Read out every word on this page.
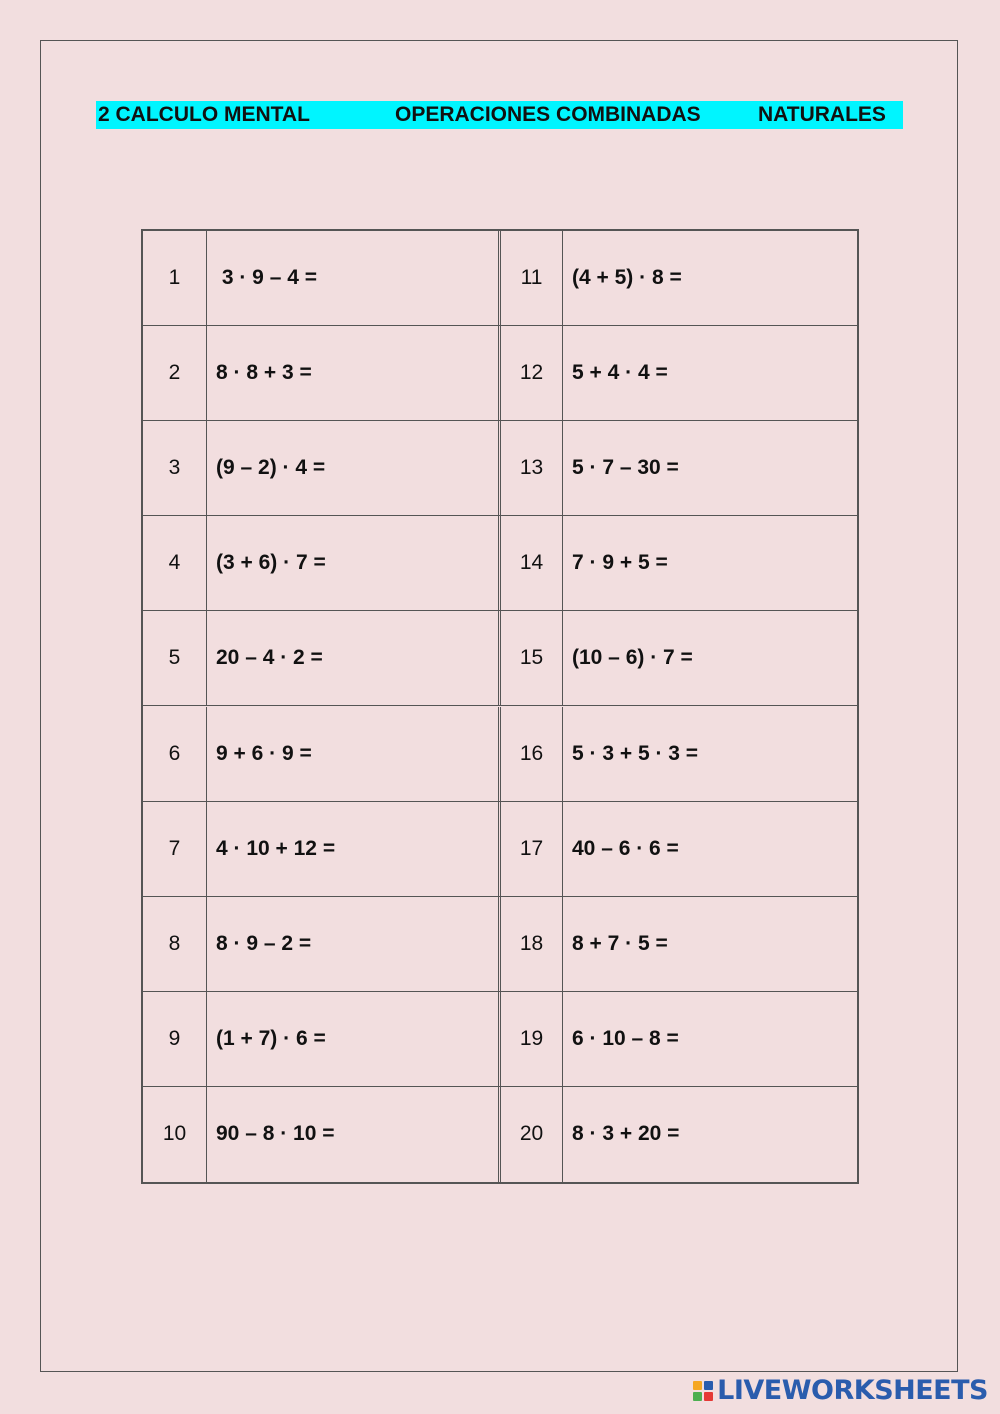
2 CALCULO MENTAL	OPERACIONES COMBINADAS	NATURALES
1	3 · 9 – 4 =	11	(4 + 5) · 8 =
2	8 · 8 + 3 =	12	5 + 4 · 4 =
3	(9 – 2) · 4 =	13	5 · 7 – 30 =
4	(3 + 6) · 7 =	14	7 · 9 + 5 =
5	20 – 4 · 2 =	15	(10 – 6) · 7 =
6	9 + 6 · 9 =	16	5 · 3 + 5 · 3 =
7	4 · 10 + 12 =	17	40 – 6 · 6 =
8	8 · 9 – 2 =	18	8 + 7 · 5 =
9	(1 + 7) · 6 =	19	6 · 10 – 8 =
10	90 – 8 · 10 =	20	8 · 3 + 20 =
LIVEWORKSHEETS
